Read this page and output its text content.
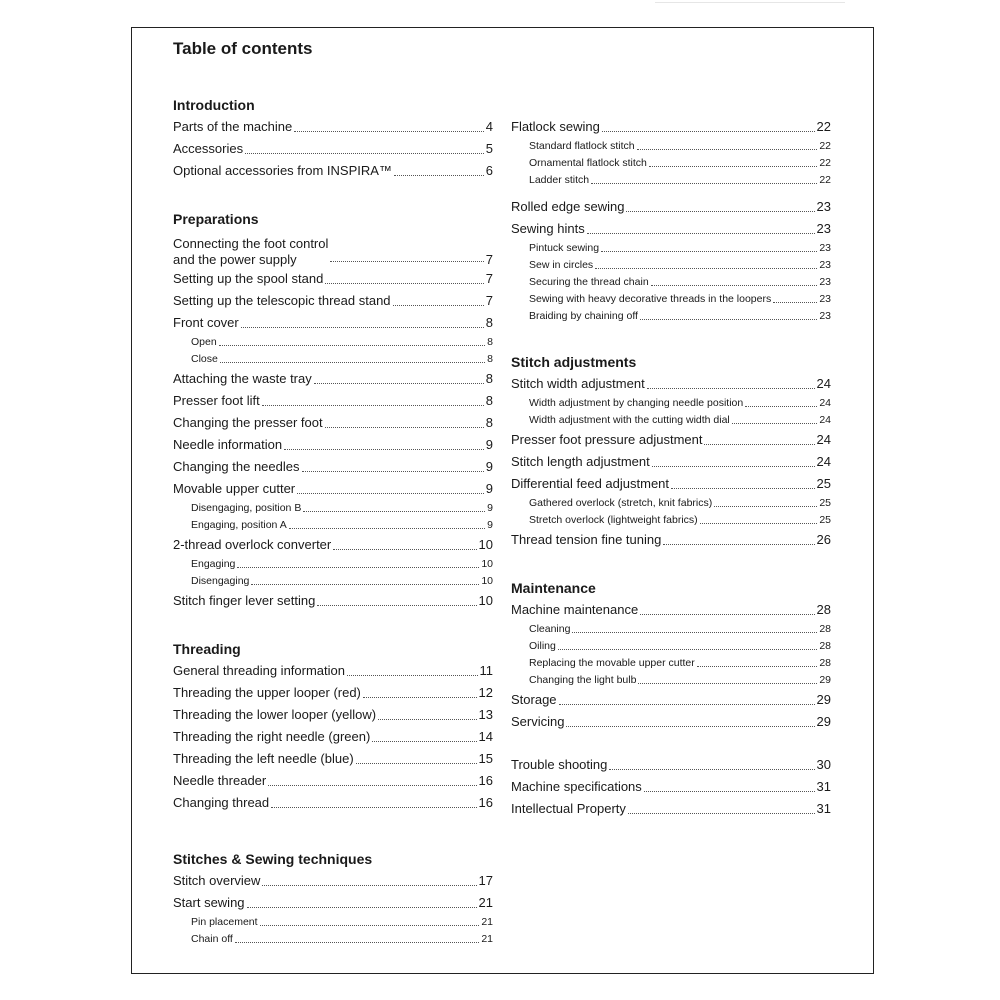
Table of contents
Introduction
Parts of the machine	4
Accessories	5
Optional accessories from INSPIRA™	6
Preparations
Connecting the foot control
and the power supply	7
Setting up the spool stand	7
Setting up the telescopic thread stand	7
Front cover	8
Open	8
Close	8
Attaching the waste tray	8
Presser foot lift	8
Changing the presser foot	8
Needle information	9
Changing the needles	9
Movable upper cutter	9
Disengaging, position B	9
Engaging, position A	9
2-thread overlock converter	10
Engaging	10
Disengaging	10
Stitch finger lever setting	10
Threading
General threading information	11
Threading the upper looper (red)	12
Threading the lower looper (yellow)	13
Threading the right needle (green)	14
Threading the left needle (blue)	15
Needle threader	16
Changing thread	16
Stitches & Sewing techniques
Stitch overview	17
Start sewing	21
Pin placement	21
Chain off	21
Flatlock sewing	22
Standard flatlock stitch	22
Ornamental flatlock stitch	22
Ladder stitch	22
Rolled edge sewing	23
Sewing hints	23
Pintuck sewing	23
Sew in circles	23
Securing the thread chain	23
Sewing with heavy decorative threads in the loopers	23
Braiding by chaining off	23
Stitch adjustments
Stitch width adjustment	24
Width adjustment by changing needle position	24
Width adjustment with the cutting width dial	24
Presser foot pressure adjustment	24
Stitch length adjustment	24
Differential feed adjustment	25
Gathered overlock (stretch, knit fabrics)	25
Stretch overlock (lightweight fabrics)	25
Thread tension fine tuning	26
Maintenance
Machine maintenance	28
Cleaning	28
Oiling	28
Replacing the movable upper cutter	28
Changing the light bulb	29
Storage	29
Servicing	29
Trouble shooting	30
Machine specifications	31
Intellectual Property	31
